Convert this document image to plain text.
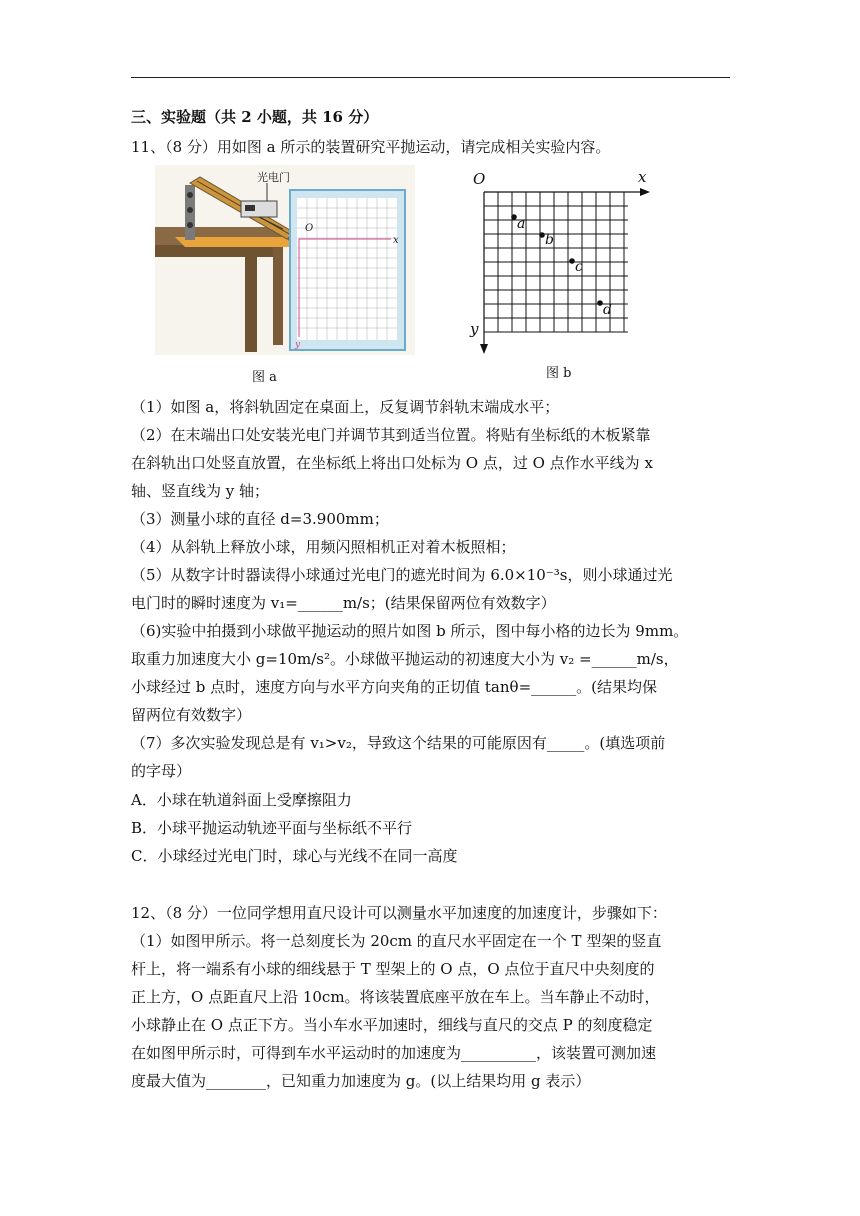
三、实验题（共 2 小题，共 16 分）
11、（8 分）用如图 a 所示的装置研究平抛运动，请完成相关实验内容。
O
x
y
光电门
图 a
O	x
y
a
b
c
d
图 b
（1）如图 a，将斜轨固定在桌面上，反复调节斜轨末端成水平；
（2）在末端出口处安装光电门并调节其到适当位置。将贴有坐标纸的木板紧靠
在斜轨出口处竖直放置，在坐标纸上将出口处标为 O 点，过 O 点作水平线为 x
轴、竖直线为 y 轴；
（3）测量小球的直径 d=3.900mm；
（4）从斜轨上释放小球，用频闪照相机正对着木板照相；
（5）从数字计时器读得小球通过光电门的遮光时间为 6.0×10⁻³s，则小球通过光
电门时的瞬时速度为 v₁=______m/s；(结果保留两位有效数字）
（6)实验中拍摄到小球做平抛运动的照片如图 b 所示，图中每小格的边长为 9mm。
取重力加速度大小 g=10m/s²。小球做平抛运动的初速度大小为 v₂ =______m/s，
小球经过 b 点时，速度方向与水平方向夹角的正切值 tanθ=______。(结果均保
留两位有效数字）
（7）多次实验发现总是有 v₁>v₂，导致这个结果的可能原因有_____。(填选项前
的字母）
A．小球在轨道斜面上受摩擦阻力
B．小球平抛运动轨迹平面与坐标纸不平行
C．小球经过光电门时，球心与光线不在同一高度
12、（8 分）一位同学想用直尺设计可以测量水平加速度的加速度计，步骤如下：
（1）如图甲所示。将一总刻度长为 20cm 的直尺水平固定在一个 T 型架的竖直
杆上，将一端系有小球的细线悬于 T 型架上的 O 点，O 点位于直尺中央刻度的
正上方，O 点距直尺上沿 10cm。将该装置底座平放在车上。当车静止不动时，
小球静止在 O 点正下方。当小车水平加速时，细线与直尺的交点 P 的刻度稳定
在如图甲所示时，可得到车水平运动时的加速度为__________，该装置可测加速
度最大值为________，已知重力加速度为 g。(以上结果均用 g 表示）
